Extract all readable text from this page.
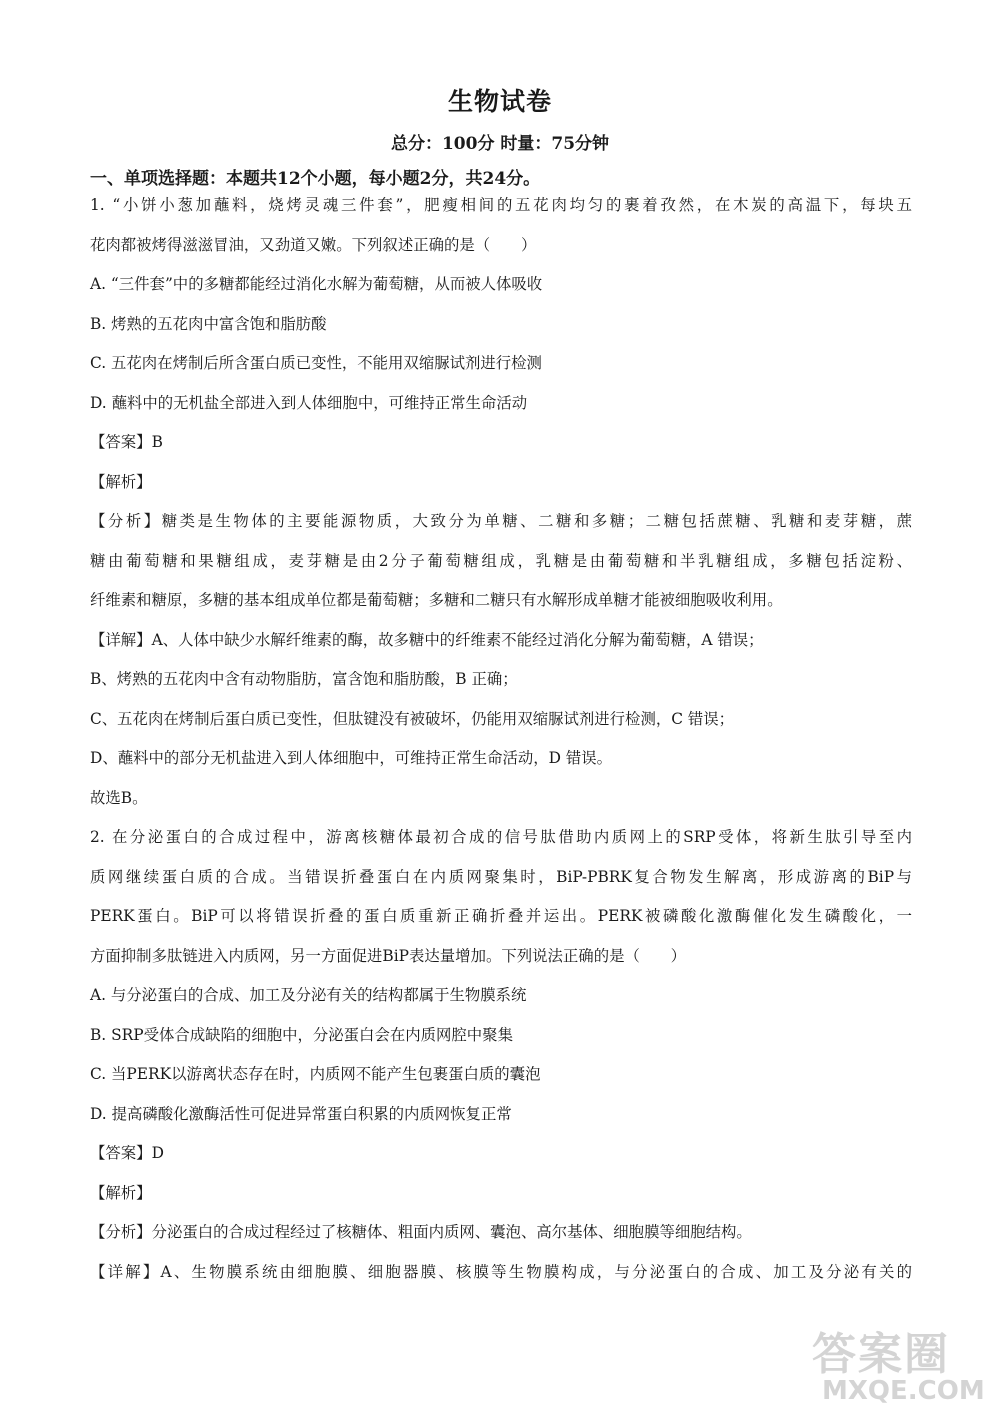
生物试卷
总分：100分 时量：75分钟
一、单项选择题：本题共12个小题，每小题2分，共24分。
1. “小饼小葱加蘸料，烧烤灵魂三件套”，肥瘦相间的五花肉均匀的裹着孜然，在木炭的高温下，每块五
花肉都被烤得滋滋冒油，又劲道又嫩。下列叙述正确的是（　　）
A. “三件套”中的多糖都能经过消化水解为葡萄糖，从而被人体吸收
B. 烤熟的五花肉中富含饱和脂肪酸
C. 五花肉在烤制后所含蛋白质已变性，不能用双缩脲试剂进行检测
D. 蘸料中的无机盐全部进入到人体细胞中，可维持正常生命活动
【答案】B
【解析】
【分析】糖类是生物体的主要能源物质，大致分为单糖、二糖和多糖；二糖包括蔗糖、乳糖和麦芽糖，蔗
糖由葡萄糖和果糖组成，麦芽糖是由2分子葡萄糖组成，乳糖是由葡萄糖和半乳糖组成，多糖包括淀粉、
纤维素和糖原，多糖的基本组成单位都是葡萄糖；多糖和二糖只有水解形成单糖才能被细胞吸收利用。
【详解】A、人体中缺少水解纤维素的酶，故多糖中的纤维素不能经过消化分解为葡萄糖，A 错误；
B、烤熟的五花肉中含有动物脂肪，富含饱和脂肪酸，B 正确；
C、五花肉在烤制后蛋白质已变性，但肽键没有被破坏，仍能用双缩脲试剂进行检测，C 错误；
D、蘸料中的部分无机盐进入到人体细胞中，可维持正常生命活动，D 错误。
故选B。
2. 在分泌蛋白的合成过程中，游离核糖体最初合成的信号肽借助内质网上的SRP受体，将新生肽引导至内
质网继续蛋白质的合成。当错误折叠蛋白在内质网聚集时，BiP-PBRK复合物发生解离，形成游离的BiP与
PERK蛋白。BiP可以将错误折叠的蛋白质重新正确折叠并运出。PERK被磷酸化激酶催化发生磷酸化，一
方面抑制多肽链进入内质网，另一方面促进BiP表达量增加。下列说法正确的是（　　）
A. 与分泌蛋白的合成、加工及分泌有关的结构都属于生物膜系统
B. SRP受体合成缺陷的细胞中，分泌蛋白会在内质网腔中聚集
C. 当PERK以游离状态存在时，内质网不能产生包裹蛋白质的囊泡
D. 提高磷酸化激酶活性可促进异常蛋白积累的内质网恢复正常
【答案】D
【解析】
【分析】分泌蛋白的合成过程经过了核糖体、粗面内质网、囊泡、高尔基体、细胞膜等细胞结构。
【详解】A、生物膜系统由细胞膜、细胞器膜、核膜等生物膜构成，与分泌蛋白的合成、加工及分泌有关的
答案圈
MXQE.COM
